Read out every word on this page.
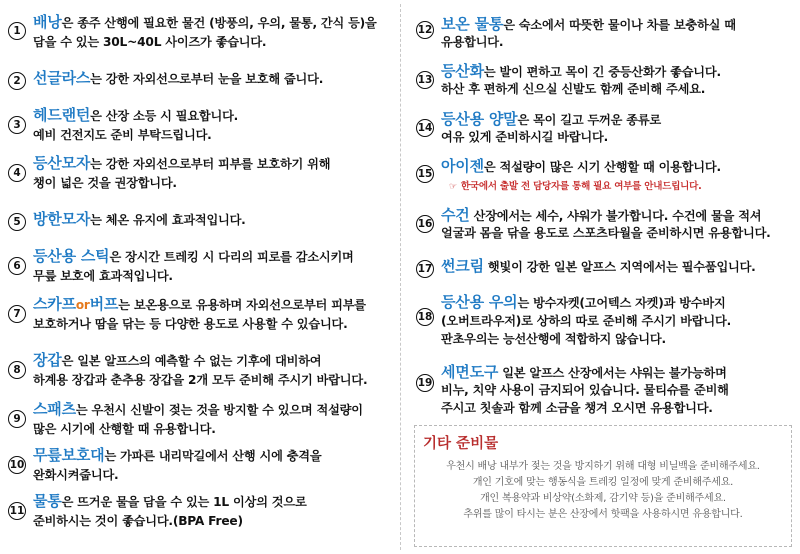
1 배낭은 종주 산행에 필요한 물건 (방풍의, 우의, 물통, 간식 등)을
담을 수 있는 30L~40L 사이즈가 좋습니다.
2 선글라스는 강한 자외선으로부터 눈을 보호해 줍니다.
3
헤드랜턴은 산장 소등 시 필요합니다.
예비 건전지도 준비 부탁드립니다.
4
등산모자는 강한 자외선으로부터 피부를 보호하기 위해
챙이 넓은 것을 권장합니다.
5 방한모자는 체온 유지에 효과적입니다.
6
등산용 스틱은 장시간 트레킹 시 다리의 피로를 감소시키며
무릎 보호에 효과적입니다.
7
스카프or버프는 보온용으로 유용하며 자외선으로부터 피부를
보호하거나 땀을 닦는 등 다양한 용도로 사용할 수 있습니다.
8
장갑은 일본 알프스의 예측할 수 없는 기후에 대비하여
하계용 장갑과 춘추용 장갑을 2개 모두 준비해 주시기 바랍니다.
9
스패츠는 우천시 신발이 젖는 것을 방지할 수 있으며 적설량이
많은 시기에 산행할 때 유용합니다.
10
무릎보호대는 가파른 내리막길에서 산행 시에 충격을
완화시켜줍니다.
11
물통은 뜨거운 물을 담을 수 있는 1L 이상의 것으로
준비하시는 것이 좋습니다.(BPA Free)
12 보온 물통은 숙소에서 따뜻한 물이나 차를 보충하실 때
유용합니다.
13 등산화는 발이 편하고 목이 긴 중등산화가 좋습니다.
하산 후 편하게 신으실 신발도 함께 준비해 주세요.
14 등산용 양말은 목이 길고 두꺼운 종류로
여유 있게 준비하시길 바랍니다.
15 아이젠은 적설량이 많은 시기 산행할 때 이용합니다.
☞ 한국에서 출발 전 담당자를 통해 필요 여부를 안내드립니다.
16 수건 산장에서는 세수, 샤워가 불가합니다. 수건에 물을 적셔
얼굴과 몸을 닦을 용도로 스포츠타월을 준비하시면 유용합니다.
17 썬크림 햇빛이 강한 일본 알프스 지역에서는 필수품입니다.
18
등산용 우의는 방수자켓(고어텍스 자켓)과 방수바지
(오버트라우저)로 상하의 따로 준비해 주시기 바랍니다.
판초우의는 능선산행에 적합하지 않습니다.
19
세면도구 일본 알프스 산장에서는 샤워는 불가능하며
비누, 치약 사용이 금지되어 있습니다. 물티슈를 준비해
주시고 칫솔과 함께 소금을 챙겨 오시면 유용합니다.
기타 준비물
우천시 배낭 내부가 젖는 것을 방지하기 위해 대형 비닐백을 준비해주세요.
개인 기호에 맞는 행동식을 트레킹 일정에 맞게 준비해주세요.
개인 복용약과 비상약(소화제, 감기약 등)을 준비해주세요.
추위를 많이 타시는 분은 산장에서 핫팩을 사용하시면 유용합니다.
